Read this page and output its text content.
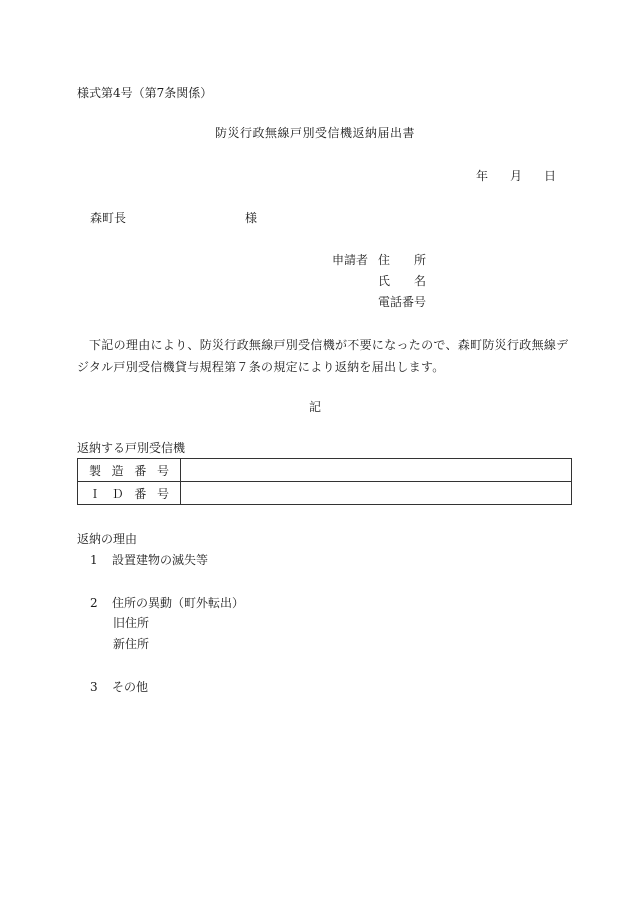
様式第4号（第7条関係）
防災行政無線戸別受信機返納届出書
年 月 日
森町長	様
申請者 住所
氏名
電話番号
下記の理由により、防災行政無線戸別受信機が不要になったので、森町防災行政無線デジタル戸別受信機貸与規程第７条の規定により返納を届出します。
記
返納する戸別受信機
製造番号	
ＩＤ番号	
返納の理由
1 設置建物の滅失等
2 住所の異動（町外転出）
旧住所
新住所
3 その他
